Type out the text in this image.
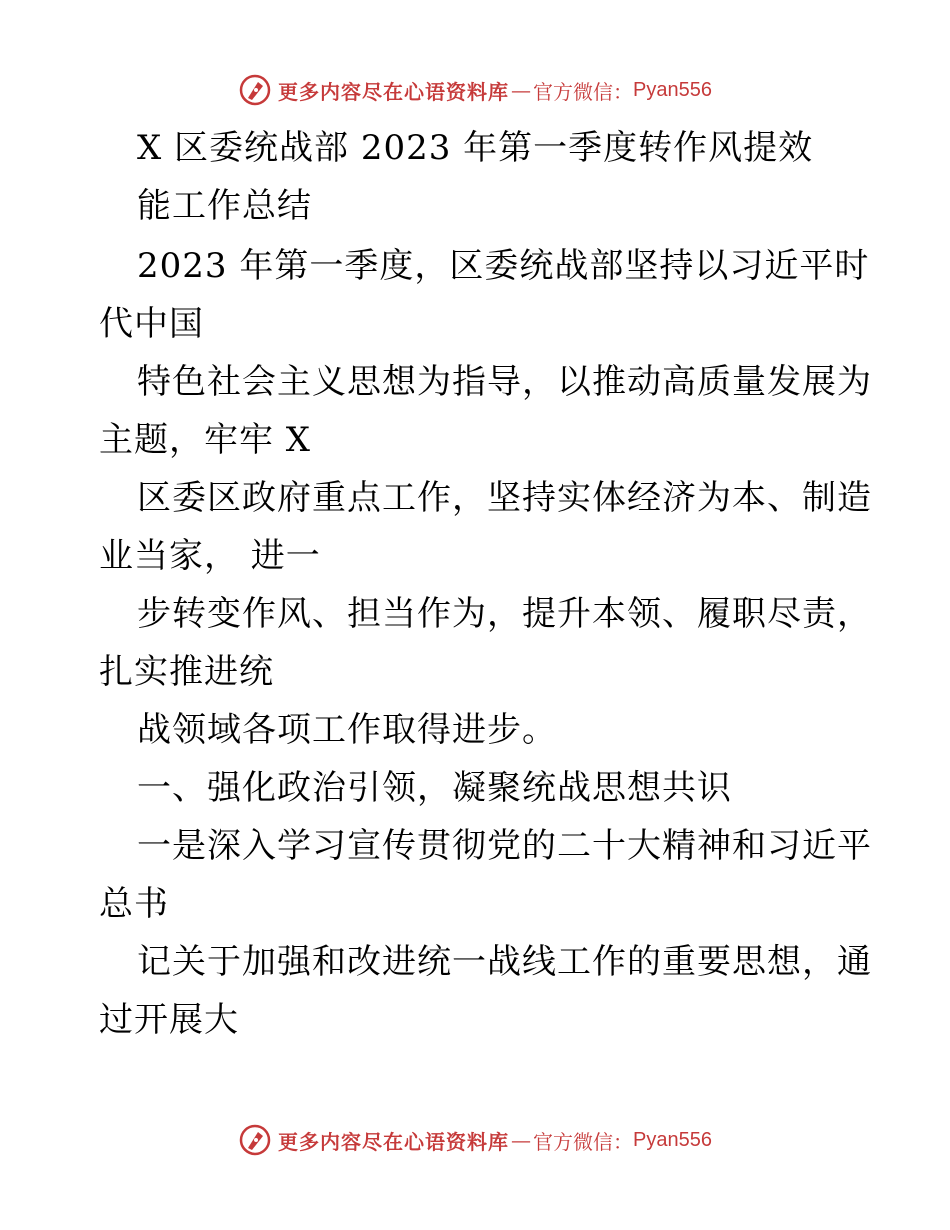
更多内容尽在心语资料库 — 官方微信： Pyan556
X 区委统战部 2023 年第一季度转作风提效
能工作总结
2023 年第一季度，区委统战部坚持以习近平时
代中国
特色社会主义思想为指导，以推动高质量发展为
主题，牢牢 X
区委区政府重点工作，坚持实体经济为本、制造
业当家， 进一
步转变作风、担当作为，提升本领、履职尽责，
扎实推进统
战领域各项工作取得进步。
一、强化政治引领，凝聚统战思想共识
一是深入学习宣传贯彻党的二十大精神和习近平
总书
记关于加强和改进统一战线工作的重要思想，通
过开展大
更多内容尽在心语资料库 — 官方微信： Pyan556
